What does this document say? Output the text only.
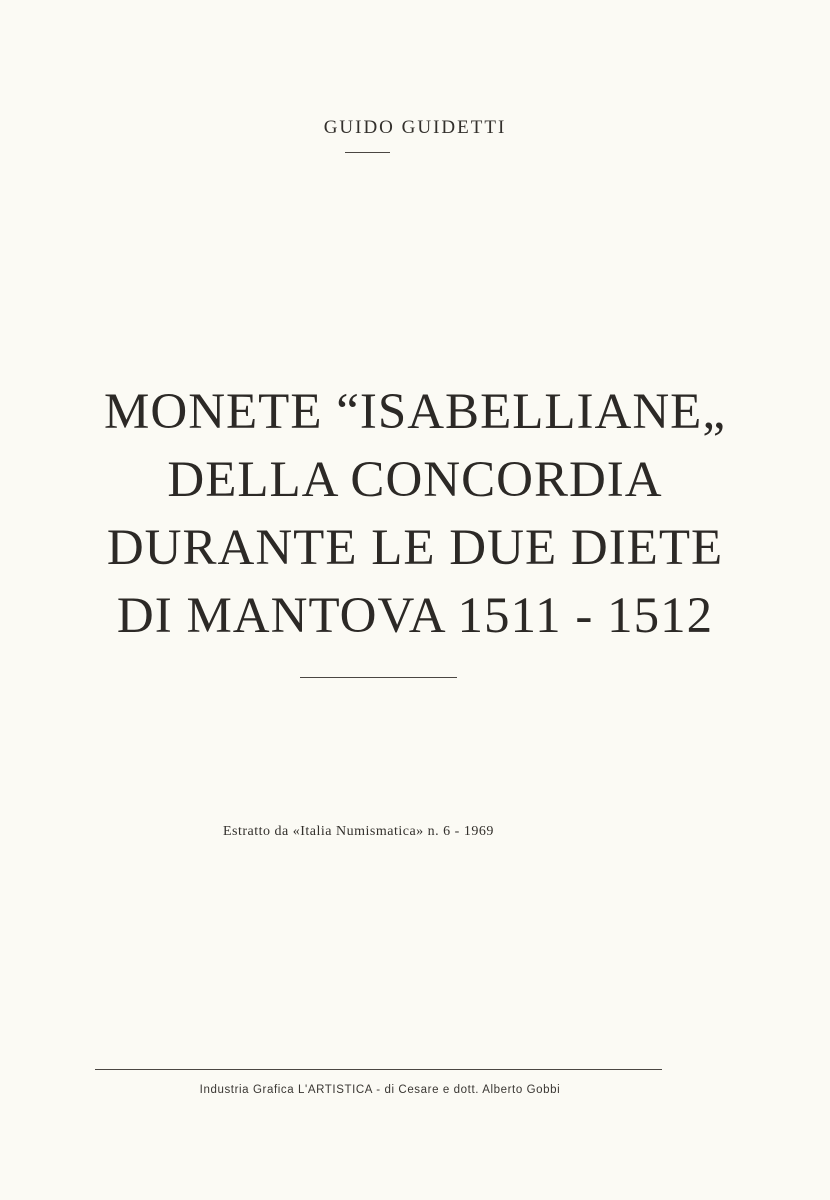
GUIDO GUIDETTI
MONETE “ISABELLIANE„
DELLA CONCORDIA
DURANTE LE DUE DIETE
DI MANTOVA 1511 - 1512
Estratto da «Italia Numismatica» n. 6 - 1969
Industria Grafica L'ARTISTICA - di Cesare e dott. Alberto Gobbi
